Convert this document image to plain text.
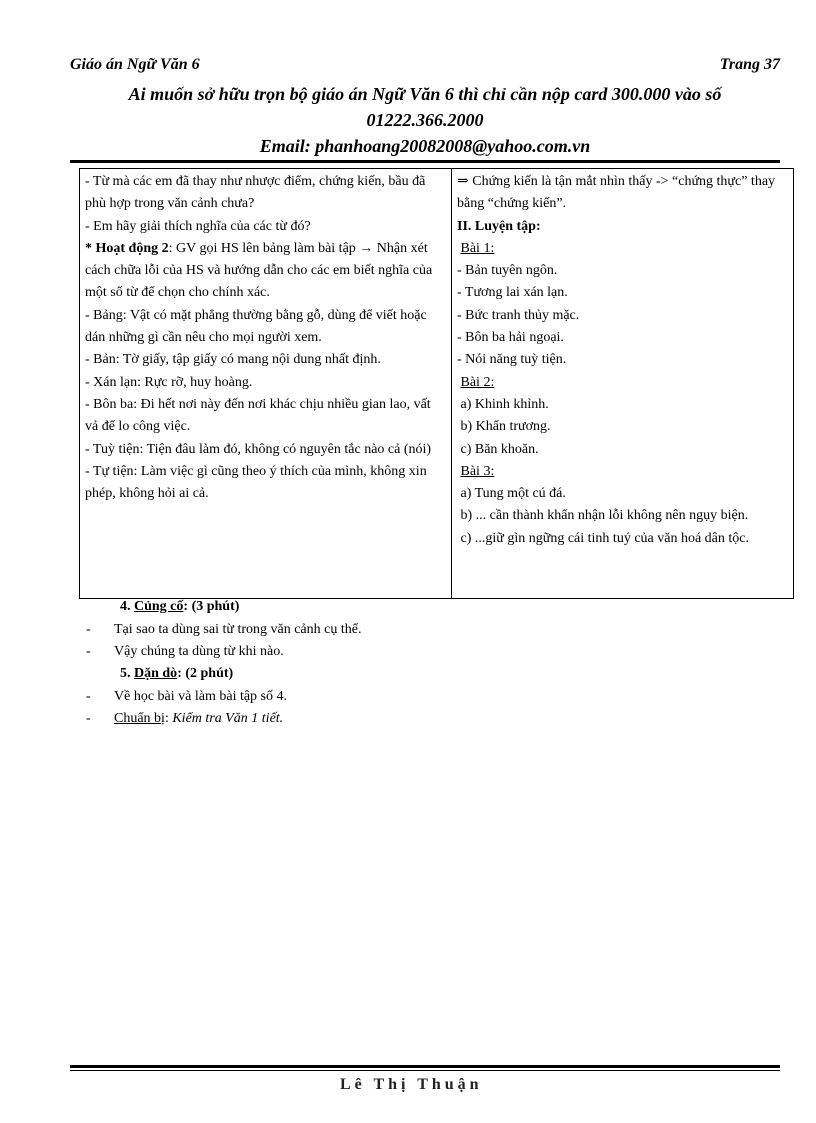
Giáo án Ngữ Văn 6	Trang 37
Ai muốn sở hữu trọn bộ giáo án Ngữ Văn 6 thì chỉ cần nộp card 300.000 vào số
01222.366.2000
Email: phanhoang20082008@yahoo.com.vn
- Từ mà các em đã thay như nhược điểm, chứng kiến, bầu đã phù hợp trong văn cảnh chưa?
- Em hãy giải thích nghĩa của các từ đó?
* Hoạt động 2: GV gọi HS lên bảng làm bài tập → Nhận xét cách chữa lỗi của HS và hướng dẫn cho các em biết nghĩa của một số từ để chọn cho chính xác.
- Bảng: Vật có mặt phẳng thường bằng gỗ, dùng để viết hoặc dán những gì cần nêu cho mọi người xem.
- Bản: Tờ giấy, tập giấy có mang nội dung nhất định.
- Xán lạn: Rực rỡ, huy hoàng.
- Bôn ba: Đi hết nơi này đến nơi khác chịu nhiều gian lao, vất vả để lo công việc.
- Tuỳ tiện: Tiện đâu làm đó, không có nguyên tắc nào cả (nói)
- Tự tiện: Làm việc gì cũng theo ý thích của mình, không xin phép, không hỏi ai cả.

⇒ Chứng kiến là tận mắt nhìn thấy -> “chứng thực” thay bằng “chứng kiến”.
II. Luyện tập:
Bài 1:
- Bản tuyên ngôn.
- Tương lai xán lạn.
- Bức tranh thủy mặc.
- Bôn ba hải ngoại.
- Nói năng tuỳ tiện.
Bài 2:
a) Khinh khỉnh.
b) Khẩn trương.
c) Băn khoăn.
Bài 3:
a) Tung một cú đá.
b) ... cần thành khẩn nhận lỗi không nên ngụy biện.
c) ...giữ gìn ngững cái tinh tuý của văn hoá dân tộc.
4. Củng cố: (3 phút)
- Tại sao ta dùng sai từ trong văn cảnh cụ thể.
- Vậy chúng ta dùng từ khi nào.
5. Dặn dò: (2 phút)
- Về học bài và làm bài tập số 4.
- Chuẩn bị: Kiểm tra Văn 1 tiết.
Lê Thị Thuận
